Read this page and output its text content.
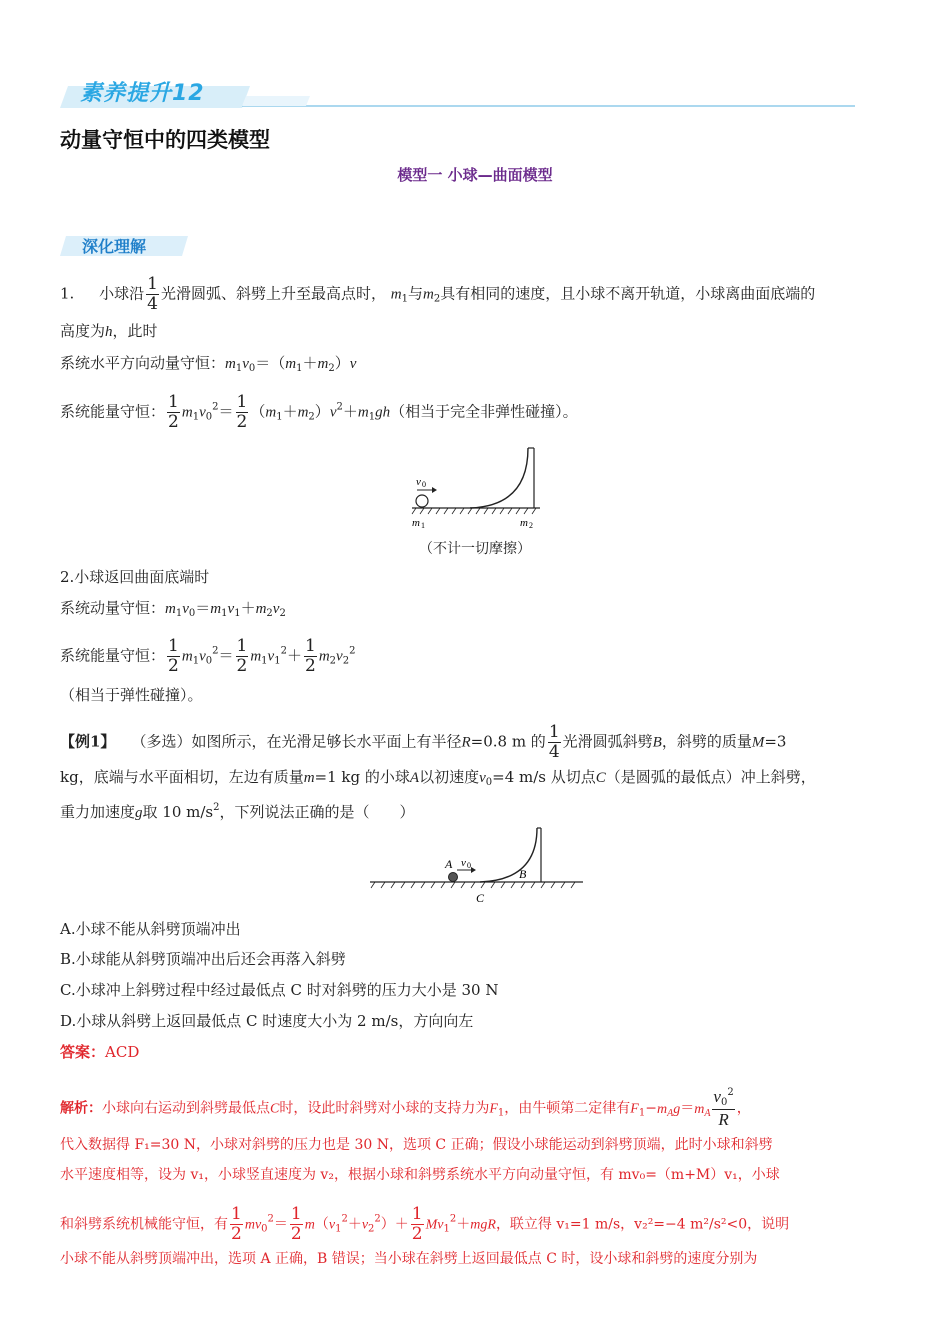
素养提升12
动量守恒中的四类模型
模型一 小球—曲面模型
深化理解
1. 小球沿 $\frac{1}{4}$ 光滑圆弧、斜劈上升至最高点时， $m_1$与$m_2$具有相同的速度，且小球不离开轨道，小球离曲面底端的
高度为h，此时
系统水平方向动量守恒：$m_1v_0=(m_1+m_2)v$
系统能量守恒： $\frac{1}{2} m_1v_0^2= \frac{1}{2} (m_1+m_2)v^2+m_1gh$（相当于完全非弹性碰撞）。
v 0
m 1	m 2
（不计一切摩擦）
2.小球返回曲面底端时
系统动量守恒：$m_1v_0=m_1v_1+m_2v_2$
系统能量守恒： $\frac{1}{2} m_1v_0^2= \frac{1}{2} m_1v_1^2+ \frac{1}{2} m_2v_2^2$
（相当于弹性碰撞）。
【例1】 （多选）如图所示，在光滑足够长水平面上有半径R=0.8 m 的 $\frac{1}{4}$ 光滑圆弧斜劈B，斜劈的质量M=3
kg，底端与水平面相切，左边有质量m=1 kg 的小球A以初速度$v_0=4$ m/s 从切点C（是圆弧的最低点）冲上斜劈，
重力加速度g取 10 $m/s^2$，下列说法正确的是（　　）
A v 0
B
C
A.小球不能从斜劈顶端冲出
B.小球能从斜劈顶端冲出后还会再落入斜劈
C.小球冲上斜劈过程中经过最低点 C 时对斜劈的压力大小是 30 N
D.小球从斜劈上返回最低点 C 时速度大小为 2 m/s，方向向左
答案：ACD
解析：小球向右运动到斜劈最低点C时，设此时斜劈对小球的支持力为$F_1$，由牛顿第二定律有$F_1-m_Ag=m_A \frac{v_0^2}{R}$ ，
代入数据得 F₁=30 N，小球对斜劈的压力也是 30 N，选项 C 正确；假设小球能运动到斜劈顶端，此时小球和斜劈
水平速度相等，设为 v₁，小球竖直速度为 v₂，根据小球和斜劈系统水平方向动量守恒，有 mv₀=（m+M）v₁，小球
和斜劈系统机械能守恒，有 $\frac{1}{2} mv_0^2= \frac{1}{2} m(v_1^2+v_2^2)+ \frac{1}{2} Mv_1^2+mgR$，联立得 v₁=1 m/s，v₂²=−4 m²/s²<0，说明
小球不能从斜劈顶端冲出，选项 A 正确，B 错误；当小球在斜劈上返回最低点 C 时，设小球和斜劈的速度分别为
